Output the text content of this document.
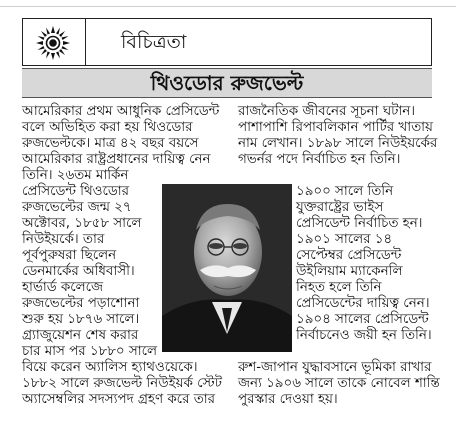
বিচিত্রতা
থিওডোর রুজভেল্ট
আমেরিকার প্রথম আধুনিক প্রেসিডেন্ট
বলে অভিহিত করা হয় থিওডোর
রুজভেল্টকে। মাত্র ৪২ বছর বয়সে
আমেরিকার রাষ্ট্রপ্রধানের দায়িত্ব নেন
তিনি। ২৬তম মার্কিন
রাজনৈতিক জীবনের সূচনা ঘটান।
পাশাপাশি রিপাবলিকান পার্টির খাতায়
নাম লেখান। ১৮৯৮ সালে নিউইয়র্কের
গভর্নর পদে নির্বাচিত হন তিনি।
প্রেসিডেন্ট থিওডোর
রুজভেল্টের জন্ম ২৭
অক্টোবর, ১৮৫৮ সালে
নিউইয়র্কে। তার
পূর্বপুরুষরা ছিলেন
ডেনমার্কের অধিবাসী।
হার্ভার্ড কলেজে
রুজভেল্টের পড়াশোনা
শুরু হয় ১৮৭৬ সালে।
গ্র্যাজুয়েশন শেষ করার
চার মাস পর ১৮৮০ সালে
১৯০০ সালে তিনি
যুক্তরাষ্ট্রের ভাইস
প্রেসিডেন্ট নির্বাচিত হন।
১৯০১ সালের ১৪
সেপ্টেম্বর প্রেসিডেন্ট
উইলিয়াম ম্যাকেনলি
নিহত হলে তিনি
প্রেসিডেন্টের দায়িত্ব নেন।
১৯০৪ সালের প্রেসিডেন্ট
নির্বাচনেও জয়ী হন তিনি।
বিয়ে করেন অ্যালিস হ্যাথওয়েকে।
১৮৮২ সালে রুজভেল্ট নিউইয়র্ক স্টেট
অ্যাসেম্বলির সদস্যপদ গ্রহণ করে তার
রুশ-জাপান যুদ্ধাবসানে ভূমিকা রাখার
জন্য ১৯০৬ সালে তাকে নোবেল শান্তি
পুরস্কার দেওয়া হয়।
